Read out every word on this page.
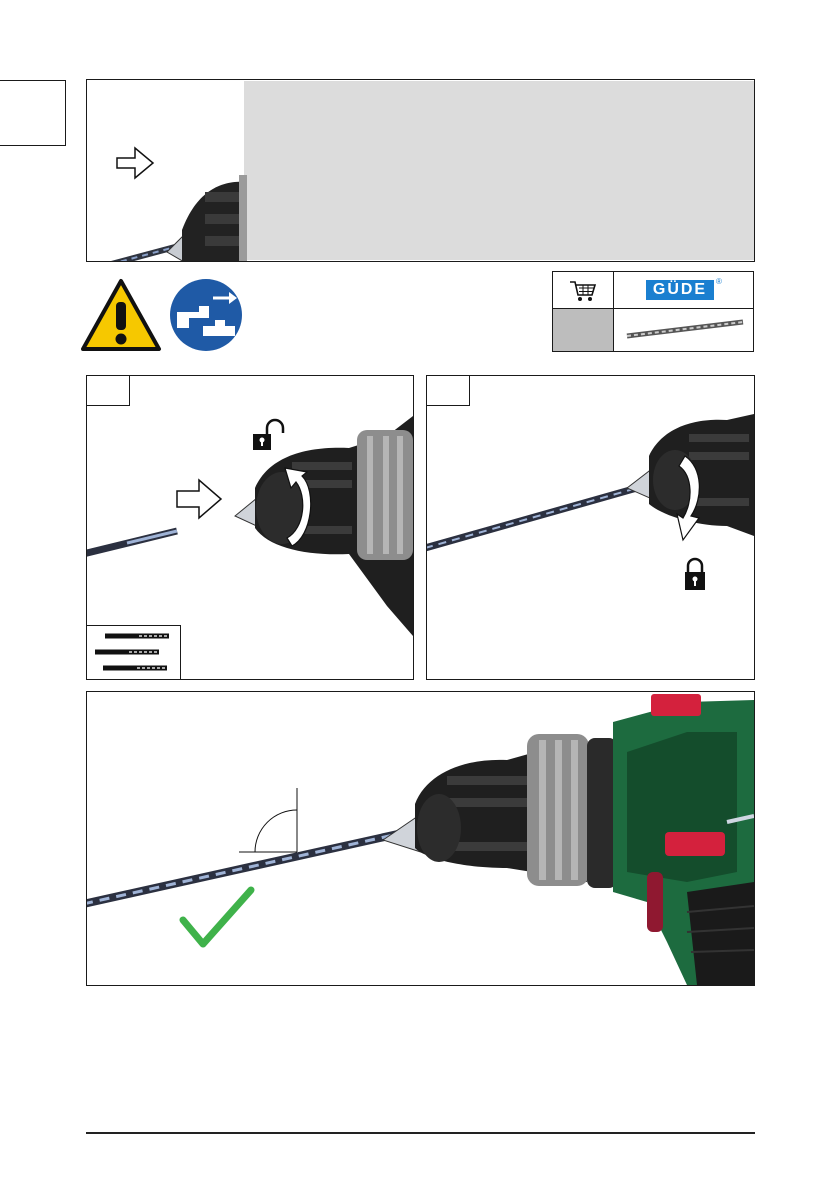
GÜDE	®
